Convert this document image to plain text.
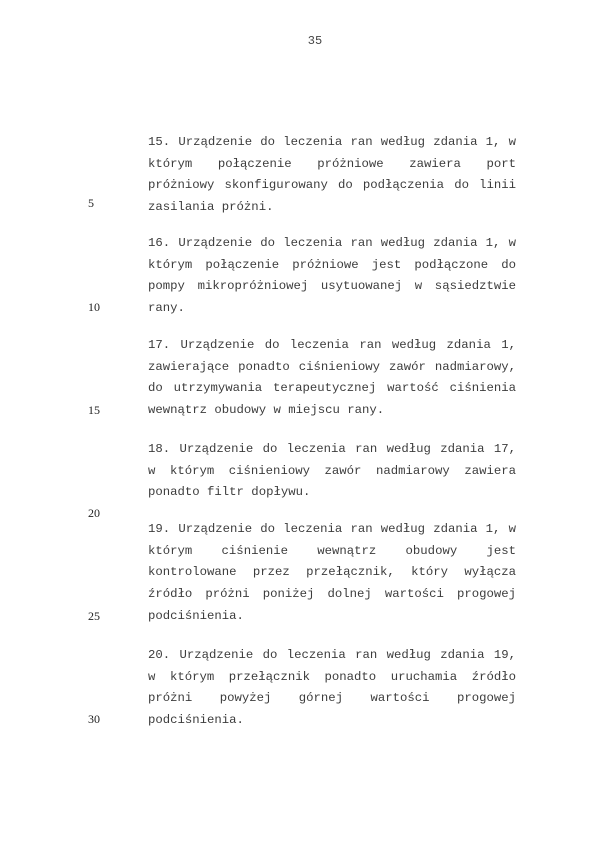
35
5
10
15
20
25
30

15. Urządzenie do leczenia ran według zdania 1, w którym połączenie próżniowe zawiera port próżniowy skonfigurowany do podłączenia do linii zasilania próżni.

16. Urządzenie do leczenia ran według zdania 1, w którym połączenie próżniowe jest podłączone do pompy mikropróżniowej usytuowanej w sąsiedztwie rany.

17. Urządzenie do leczenia ran według zdania 1, zawierające ponadto ciśnieniowy zawór nadmiarowy, do utrzymywania terapeutycznej wartość ciśnienia wewnątrz obudowy w miejscu rany.

18. Urządzenie do leczenia ran według zdania 17, w którym ciśnieniowy zawór nadmiarowy zawiera ponadto filtr dopływu.

19. Urządzenie do leczenia ran według zdania 1, w którym ciśnienie wewnątrz obudowy jest kontrolowane przez przełącznik, który wyłącza źródło próżni poniżej dolnej wartości progowej podciśnienia.

20. Urządzenie do leczenia ran według zdania 19, w którym przełącznik ponadto uruchamia źródło próżni powyżej górnej wartości progowej podciśnienia.
